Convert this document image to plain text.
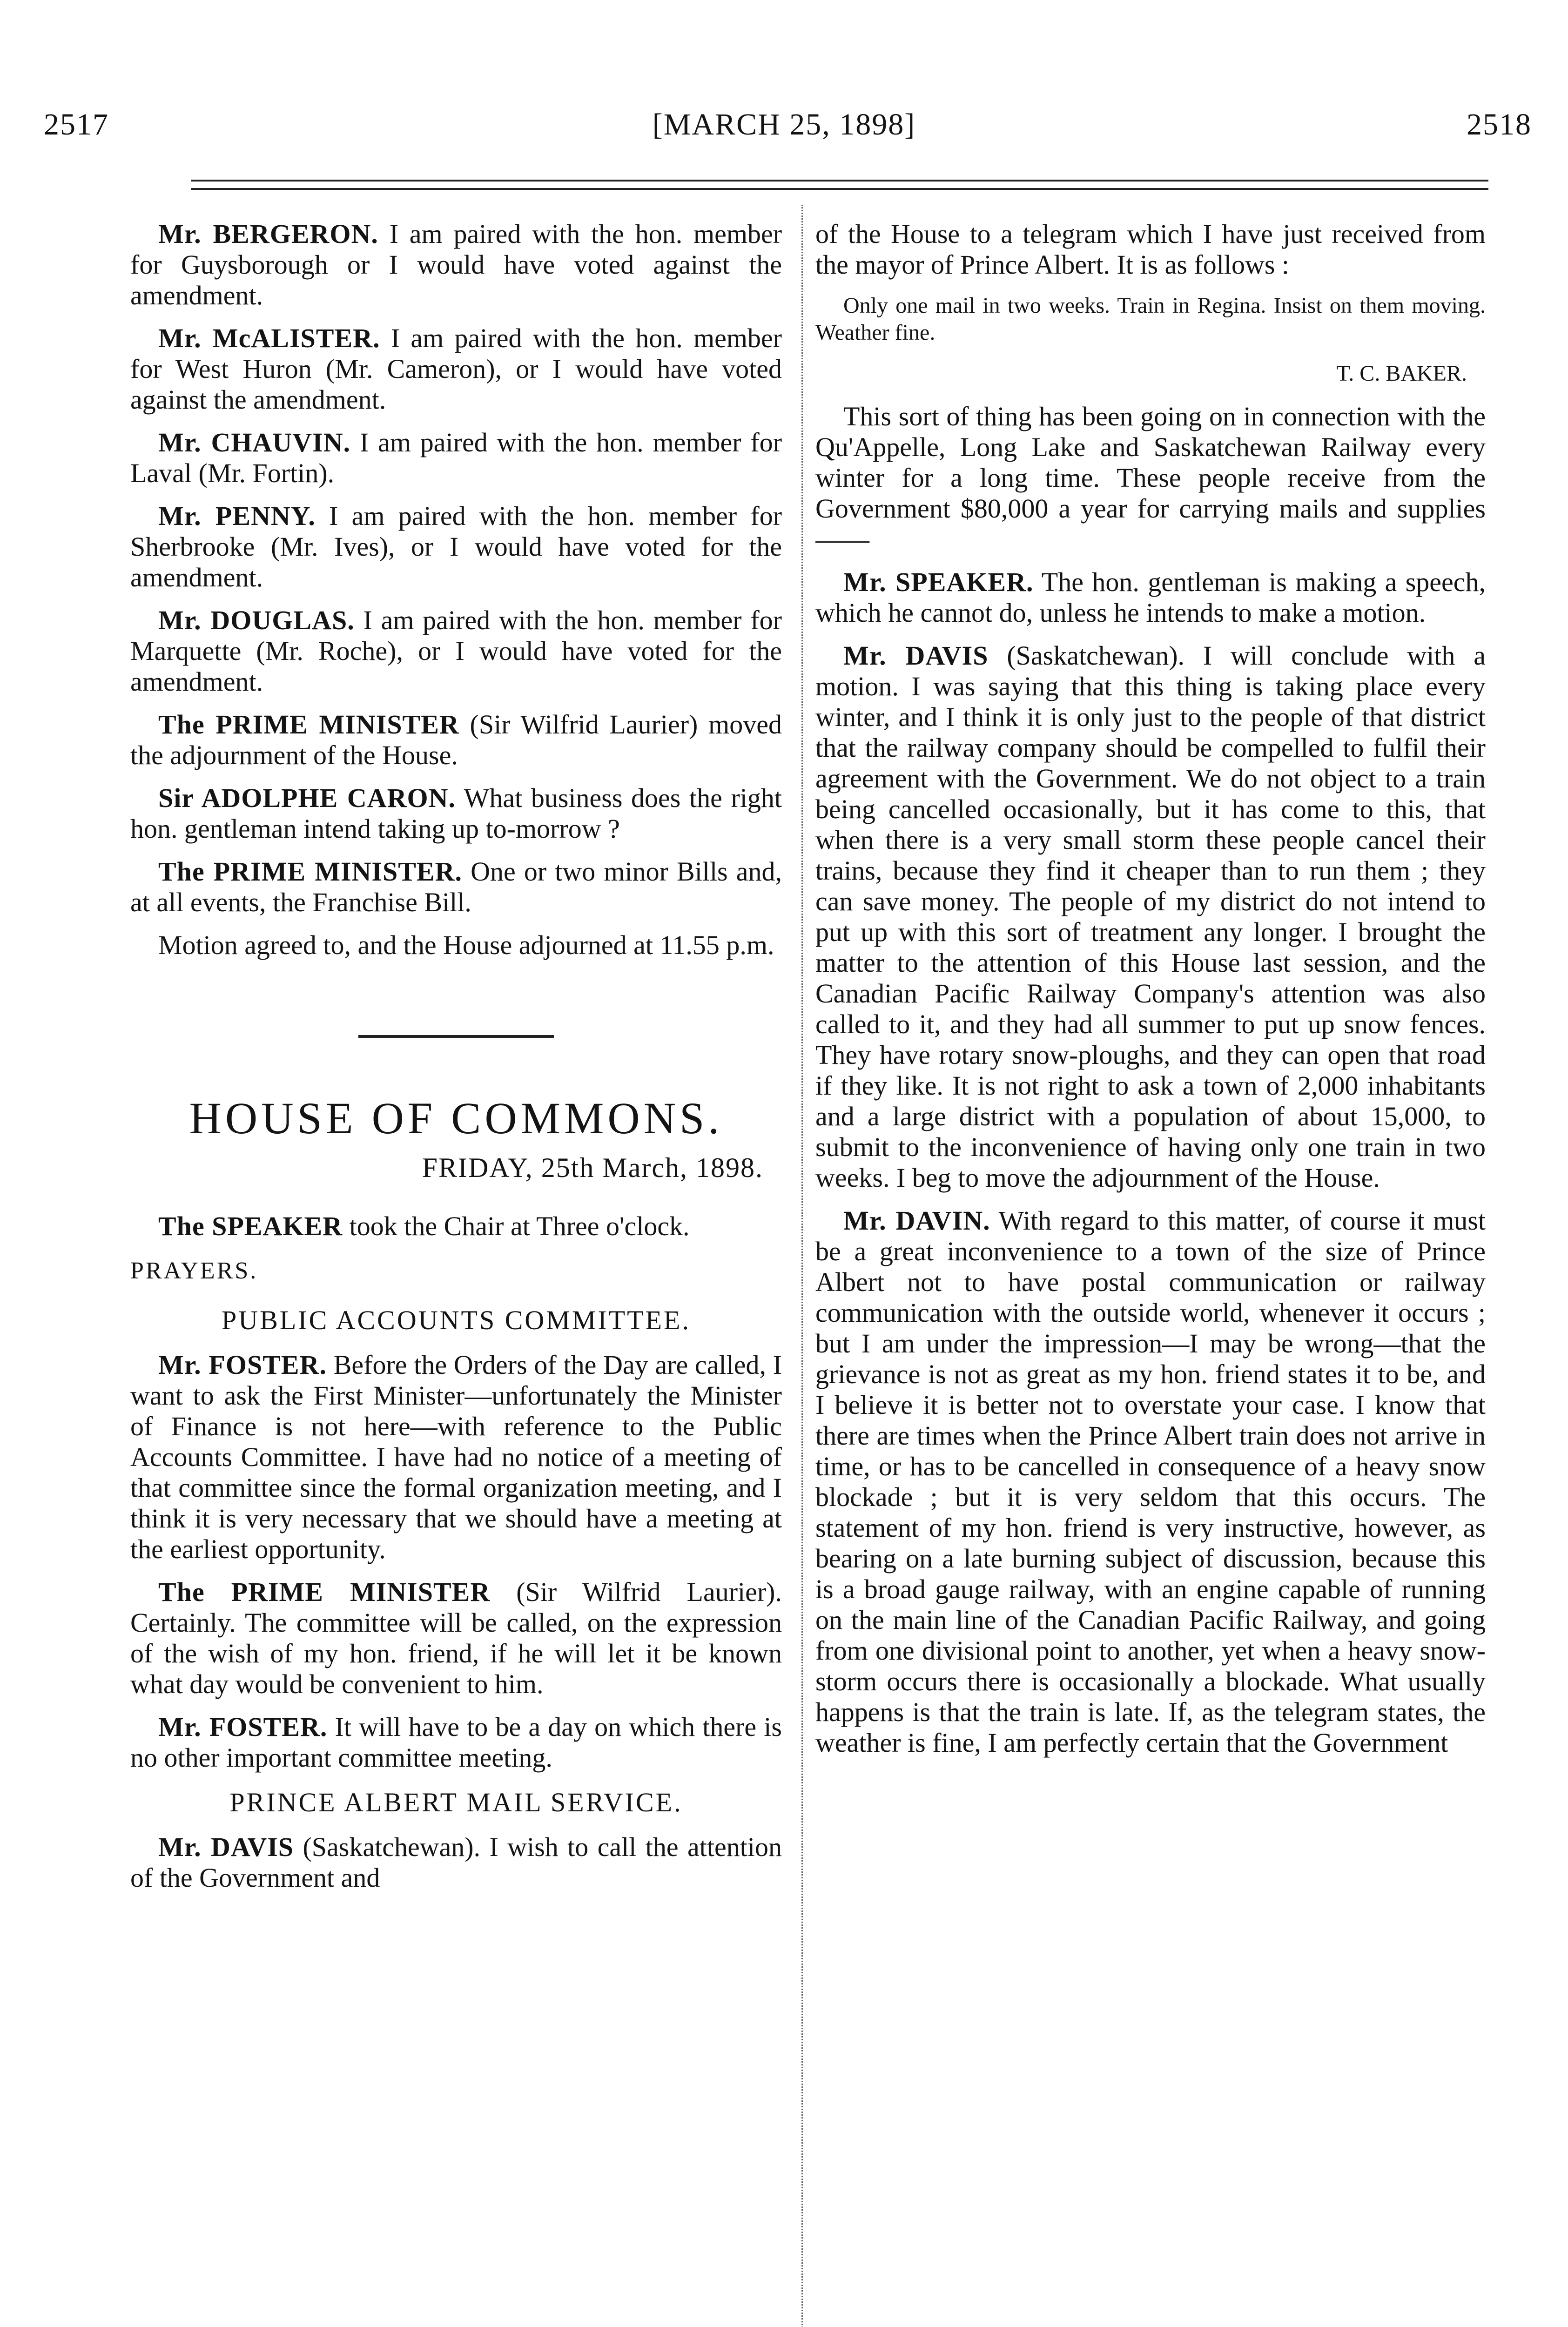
2517	[MARCH 25, 1898]	2518

Mr. BERGERON. I am paired with the hon. member for Guysborough or I would have voted against the amendment.

Mr. McALISTER. I am paired with the hon. member for West Huron (Mr. Cameron), or I would have voted against the amendment.

Mr. CHAUVIN. I am paired with the hon. member for Laval (Mr. Fortin).

Mr. PENNY. I am paired with the hon. member for Sherbrooke (Mr. Ives), or I would have voted for the amendment.

Mr. DOUGLAS. I am paired with the hon. member for Marquette (Mr. Roche), or I would have voted for the amendment.

The PRIME MINISTER (Sir Wilfrid Laurier) moved the adjournment of the House.

Sir ADOLPHE CARON. What business does the right hon. gentleman intend taking up to-morrow ?

The PRIME MINISTER. One or two minor Bills and, at all events, the Franchise Bill.

Motion agreed to, and the House adjourned at 11.55 p.m.

HOUSE OF COMMONS.
FRIDAY, 25th March, 1898.

The SPEAKER took the Chair at Three o'clock.

PRAYERS.

PUBLIC ACCOUNTS COMMITTEE.

Mr. FOSTER. Before the Orders of the Day are called, I want to ask the First Minister—unfortunately the Minister of Finance is not here—with reference to the Public Accounts Committee. I have had no notice of a meeting of that committee since the formal organization meeting, and I think it is very necessary that we should have a meeting at the earliest opportunity.

The PRIME MINISTER (Sir Wilfrid Laurier). Certainly. The committee will be called, on the expression of the wish of my hon. friend, if he will let it be known what day would be convenient to him.

Mr. FOSTER. It will have to be a day on which there is no other important committee meeting.

PRINCE ALBERT MAIL SERVICE.

Mr. DAVIS (Saskatchewan). I wish to call the attention of the Government and

of the House to a telegram which I have just received from the mayor of Prince Albert. It is as follows :

Only one mail in two weeks. Train in Regina. Insist on them moving. Weather fine.

T. C. BAKER.

This sort of thing has been going on in connection with the Qu'Appelle, Long Lake and Saskatchewan Railway every winter for a long time. These people receive from the Government $80,000 a year for carrying mails and supplies——

Mr. SPEAKER. The hon. gentleman is making a speech, which he cannot do, unless he intends to make a motion.

Mr. DAVIS (Saskatchewan). I will conclude with a motion. I was saying that this thing is taking place every winter, and I think it is only just to the people of that district that the railway company should be compelled to fulfil their agreement with the Government. We do not object to a train being cancelled occasionally, but it has come to this, that when there is a very small storm these people cancel their trains, because they find it cheaper than to run them ; they can save money. The people of my district do not intend to put up with this sort of treatment any longer. I brought the matter to the attention of this House last session, and the Canadian Pacific Railway Company's attention was also called to it, and they had all summer to put up snow fences. They have rotary snow-ploughs, and they can open that road if they like. It is not right to ask a town of 2,000 inhabitants and a large district with a population of about 15,000, to submit to the inconvenience of having only one train in two weeks. I beg to move the adjournment of the House.

Mr. DAVIN. With regard to this matter, of course it must be a great inconvenience to a town of the size of Prince Albert not to have postal communication or railway communication with the outside world, whenever it occurs ; but I am under the impression—I may be wrong—that the grievance is not as great as my hon. friend states it to be, and I believe it is better not to overstate your case. I know that there are times when the Prince Albert train does not arrive in time, or has to be cancelled in consequence of a heavy snow blockade ; but it is very seldom that this occurs. The statement of my hon. friend is very instructive, however, as bearing on a late burning subject of discussion, because this is a broad gauge railway, with an engine capable of running on the main line of the Canadian Pacific Railway, and going from one divisional point to another, yet when a heavy snow-storm occurs there is occasionally a blockade. What usually happens is that the train is late. If, as the telegram states, the weather is fine, I am perfectly certain that the Government
